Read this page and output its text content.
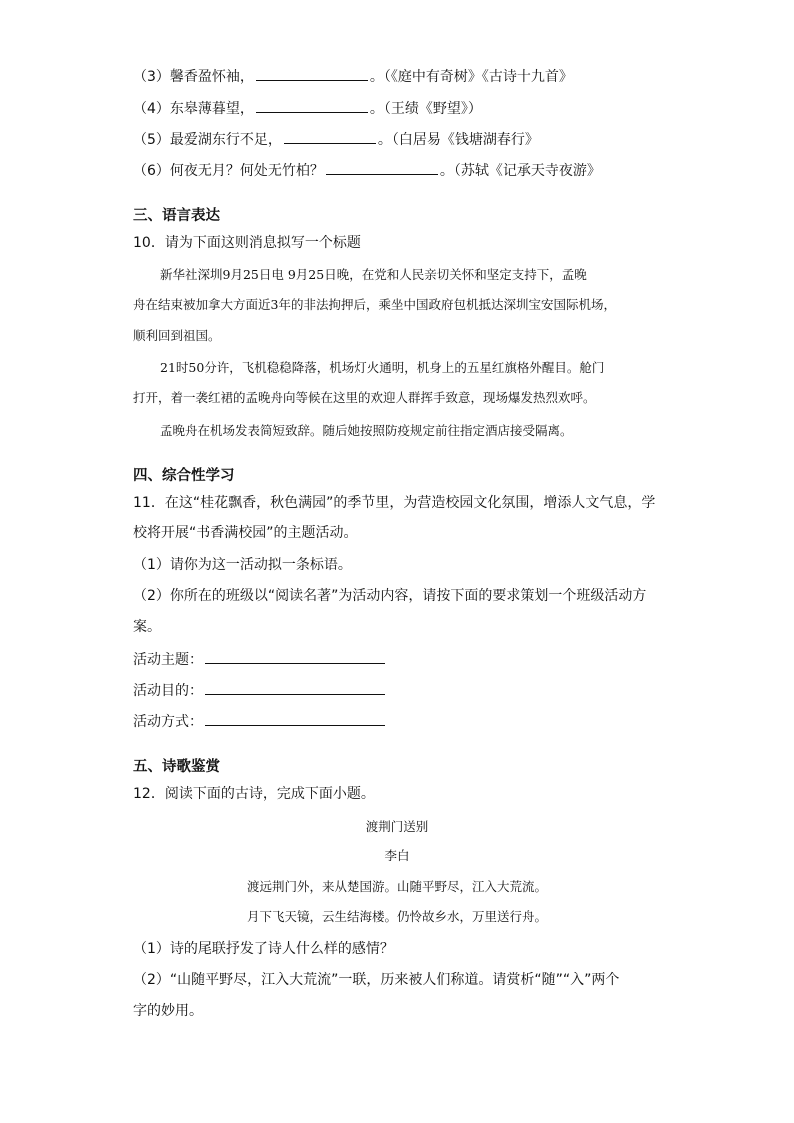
（3）馨香盈怀袖，	。（《庭中有奇树》《古诗十九首》
（4）东皋薄暮望，	。（王绩《野望》）
（5）最爱湖东行不足，	。（白居易《钱塘湖春行》
（6）何夜无月？何处无竹柏？	。（苏轼《记承天寺夜游》
三、语言表达
10．请为下面这则消息拟写一个标题
新华社深圳9月25日电 9月25日晚，在党和人民亲切关怀和坚定支持下，孟晚
舟在结束被加拿大方面近3年的非法拘押后，乘坐中国政府包机抵达深圳宝安国际机场，
顺利回到祖国。
21时50分许，飞机稳稳降落，机场灯火通明，机身上的五星红旗格外醒目。舱门
打开，着一袭红裙的孟晚舟向等候在这里的欢迎人群挥手致意，现场爆发热烈欢呼。
孟晚舟在机场发表简短致辞。随后她按照防疫规定前往指定酒店接受隔离。
四、综合性学习
11．在这“桂花飘香，秋色满园”的季节里，为营造校园文化氛围，增添人文气息，学
校将开展“书香满校园”的主题活动。
（1）请你为这一活动拟一条标语。
（2）你所在的班级以“阅读名著”为活动内容，请按下面的要求策划一个班级活动方
案。
活动主题：
活动目的：
活动方式：
五、诗歌鉴赏
12．阅读下面的古诗，完成下面小题。
渡荆门送别
李白
渡远荆门外，来从楚国游。山随平野尽，江入大荒流。
月下飞天镜，云生结海楼。仍怜故乡水，万里送行舟。
（1）诗的尾联抒发了诗人什么样的感情？
（2）“山随平野尽，江入大荒流”一联，历来被人们称道。请赏析“随”“入”两个
字的妙用。
